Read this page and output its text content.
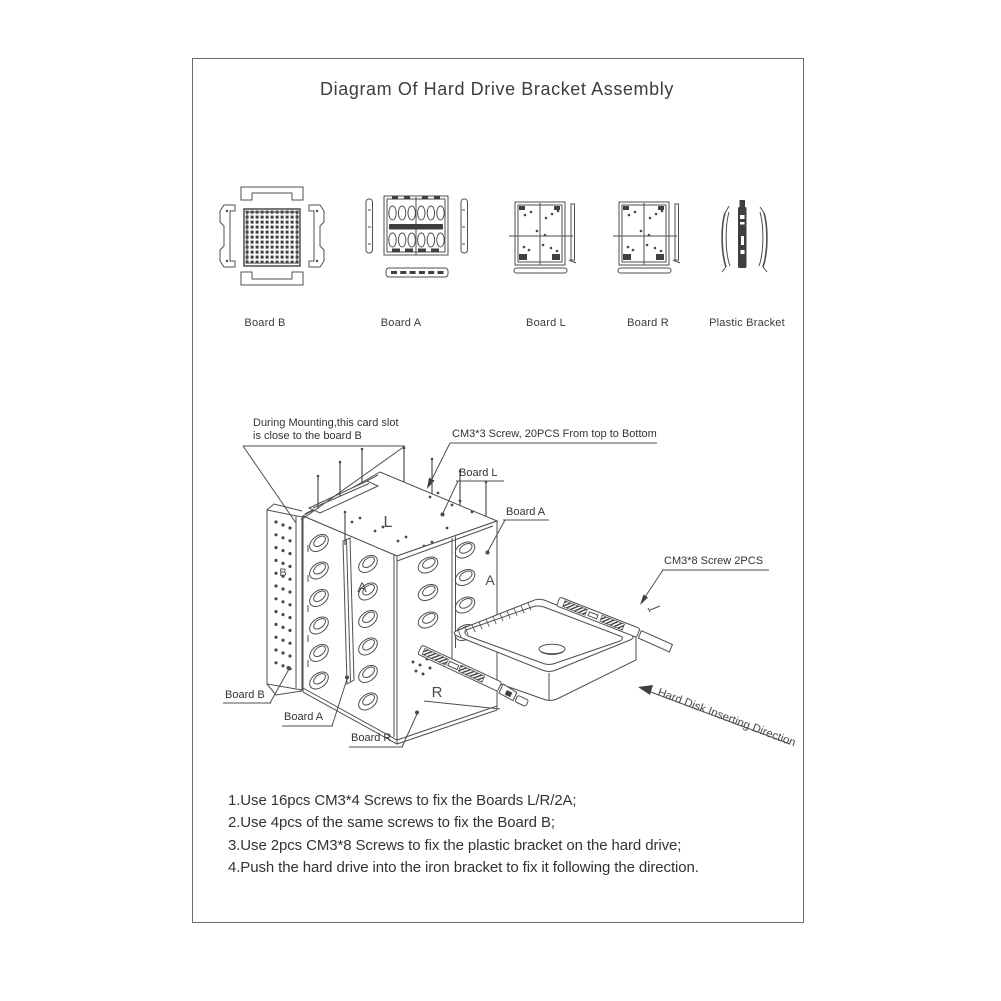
Diagram Of Hard Drive Bracket Assembly
L
A	A
R
B
Hard Disk Inserting Direction
Board B	Board A	Board L	Board R	Plastic Bracket
During Mounting,this card slot
is close to the board B	CM3*3 Screw, 20PCS From top to Bottom
Board L
Board A
CM3*8 Screw 2PCS
Board B
Board A
Board R
1.Use 16pcs CM3*4 Screws to fix the Boards L/R/2A;
2.Use 4pcs of the same screws to fix the Board B;
3.Use 2pcs CM3*8 Screws to fix the plastic bracket on the hard drive;
4.Push the hard drive into the iron bracket to fix it following the direction.
